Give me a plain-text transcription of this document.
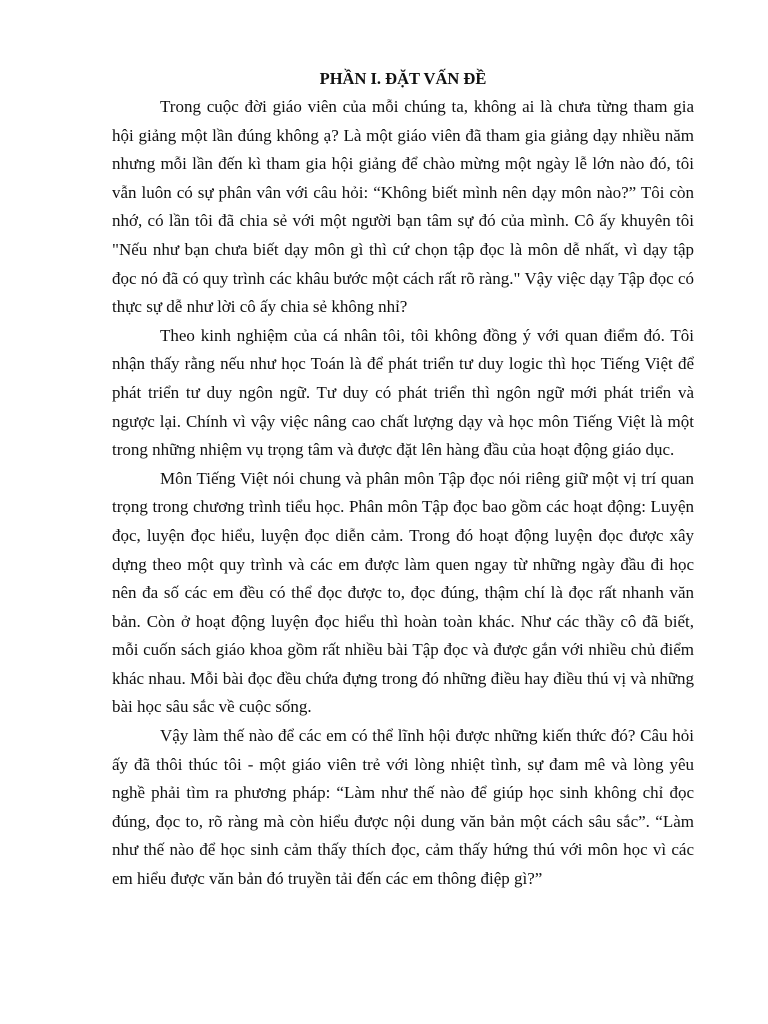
PHẦN I. ĐẶT VẤN ĐỀ

Trong cuộc đời giáo viên của mỗi chúng ta, không ai là chưa từng tham gia hội giảng một lần đúng không ạ? Là một giáo viên đã tham gia giảng dạy nhiều năm nhưng mỗi lần đến kì tham gia hội giảng để chào mừng một ngày lễ lớn nào đó, tôi vẫn luôn có sự phân vân với câu hỏi: “Không biết mình nên dạy môn nào?” Tôi còn nhớ, có lần tôi đã chia sẻ với một người bạn tâm sự đó của mình. Cô ấy khuyên tôi "Nếu như bạn chưa biết dạy môn gì thì cứ chọn tập đọc là môn dễ nhất, vì dạy tập đọc nó đã có quy trình các khâu bước một cách rất rõ ràng." Vậy việc dạy Tập đọc có thực sự dễ như lời cô ấy chia sẻ không nhỉ?

Theo kinh nghiệm của cá nhân tôi, tôi không đồng ý với quan điểm đó. Tôi nhận thấy rằng nếu như học Toán là để phát triển tư duy logic thì học Tiếng Việt để phát triển tư duy ngôn ngữ. Tư duy có phát triển thì ngôn ngữ mới phát triển và ngược lại. Chính vì vậy việc nâng cao chất lượng dạy và học môn Tiếng Việt là một trong những nhiệm vụ trọng tâm và được đặt lên hàng đầu của hoạt động giáo dục.

Môn Tiếng Việt nói chung và phân môn Tập đọc nói riêng giữ một vị trí quan trọng trong chương trình tiểu học. Phân môn Tập đọc bao gồm các hoạt động: Luyện đọc, luyện đọc hiểu, luyện đọc diễn cảm. Trong đó hoạt động luyện đọc được xây dựng theo một quy trình và các em được làm quen ngay từ những ngày đầu đi học nên đa số các em đều có thể đọc được to, đọc đúng, thậm chí là đọc rất nhanh văn bản. Còn ở hoạt động luyện đọc hiểu thì hoàn toàn khác. Như các thầy cô đã biết, mỗi cuốn sách giáo khoa gồm rất nhiều bài Tập đọc và được gắn với nhiều chủ điểm khác nhau. Mỗi bài đọc đều chứa đựng trong đó những điều hay điều thú vị và những bài học sâu sắc về cuộc sống.

Vậy làm thế nào để các em có thể lĩnh hội được những kiến thức đó? Câu hỏi ấy đã thôi thúc tôi - một giáo viên trẻ với lòng nhiệt tình, sự đam mê và lòng yêu nghề phải tìm ra phương pháp: “Làm như thế nào để giúp học sinh không chỉ đọc đúng, đọc to, rõ ràng mà còn hiểu được nội dung văn bản một cách sâu sắc”. “Làm như thế nào để học sinh cảm thấy thích đọc, cảm thấy hứng thú với môn học vì các em hiểu được văn bản đó truyền tải đến các em thông điệp gì?”
